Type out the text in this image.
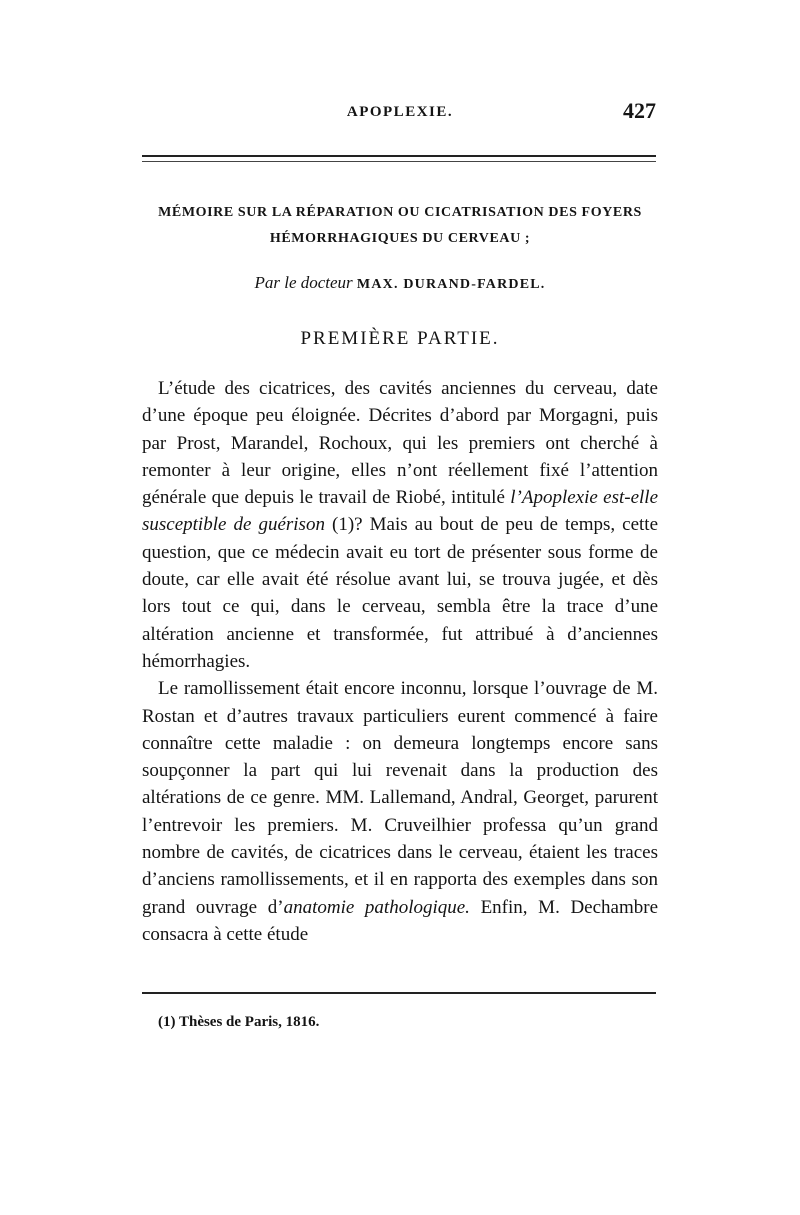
APOPLEXIE.	427
MÉMOIRE SUR LA RÉPARATION OU CICATRISATION DES FOYERS
HÉMORRHAGIQUES DU CERVEAU ;
Par le docteur MAX. DURAND-FARDEL.
PREMIÈRE PARTIE.

L’étude des cicatrices, des cavités anciennes du cerveau, date d’une époque peu éloignée. Décrites d’abord par Morgagni, puis par Prost, Marandel, Rochoux, qui les premiers ont cherché à remonter à leur origine, elles n’ont réellement fixé l’attention générale que depuis le travail de Riobé, intitulé l’Apoplexie est-elle susceptible de guérison (1)? Mais au bout de peu de temps, cette question, que ce médecin avait eu tort de présenter sous forme de doute, car elle avait été résolue avant lui, se trouva jugée, et dès lors tout ce qui, dans le cerveau, sembla être la trace d’une altération ancienne et transformée, fut attribué à d’anciennes hémorrhagies.

Le ramollissement était encore inconnu, lorsque l’ouvrage de M. Rostan et d’autres travaux particuliers eurent commencé à faire connaître cette maladie : on demeura longtemps encore sans soupçonner la part qui lui revenait dans la production des altérations de ce genre. MM. Lallemand, Andral, Georget, parurent l’entrevoir les premiers. M. Cruveilhier professa qu’un grand nombre de cavités, de cicatrices dans le cerveau, étaient les traces d’anciens ramollissements, et il en rapporta des exemples dans son grand ouvrage d’anatomie pathologique. Enfin, M. Dechambre consacra à cette étude

(1) Thèses de Paris, 1816.
